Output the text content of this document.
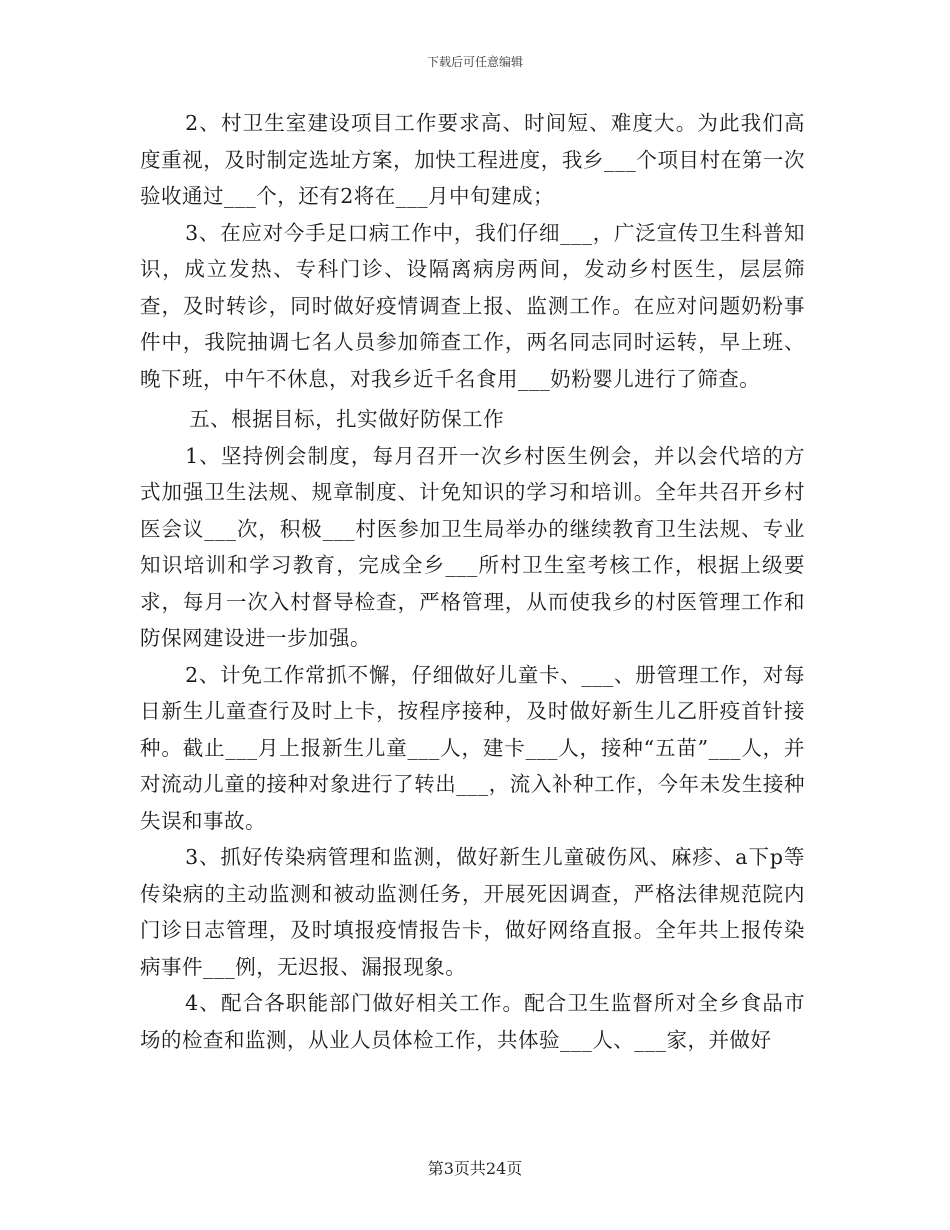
下载后可任意编辑

2、村卫生室建设项目工作要求高、时间短、难度大。为此我们高度重视，及时制定选址方案，加快工程进度，我乡___个项目村在第一次验收通过___个，还有2将在___月中旬建成；

3、在应对今手足口病工作中，我们仔细___，广泛宣传卫生科普知识，成立发热、专科门诊、设隔离病房两间，发动乡村医生，层层筛查，及时转诊，同时做好疫情调查上报、监测工作。在应对问题奶粉事件中，我院抽调七名人员参加筛查工作，两名同志同时运转，早上班、晚下班，中午不休息，对我乡近千名食用___奶粉婴儿进行了筛查。

五、根据目标，扎实做好防保工作

1、坚持例会制度，每月召开一次乡村医生例会，并以会代培的方式加强卫生法规、规章制度、计免知识的学习和培训。全年共召开乡村医会议___次，积极___村医参加卫生局举办的继续教育卫生法规、专业知识培训和学习教育，完成全乡___所村卫生室考核工作，根据上级要求，每月一次入村督导检查，严格管理，从而使我乡的村医管理工作和防保网建设进一步加强。

2、计免工作常抓不懈，仔细做好儿童卡、___、册管理工作，对每日新生儿童查行及时上卡，按程序接种，及时做好新生儿乙肝疫首针接种。截止___月上报新生儿童___人，建卡___人，接种“五苗”___人，并对流动儿童的接种对象进行了转出___，流入补种工作，今年未发生接种失误和事故。

3、抓好传染病管理和监测，做好新生儿童破伤风、麻疹、a下p等传染病的主动监测和被动监测任务，开展死因调查，严格法律规范院内门诊日志管理，及时填报疫情报告卡，做好网络直报。全年共上报传染病事件___例，无迟报、漏报现象。

4、配合各职能部门做好相关工作。配合卫生监督所对全乡食品市场的检查和监测，从业人员体检工作，共体验___人、___家，并做好

第3页共24页
